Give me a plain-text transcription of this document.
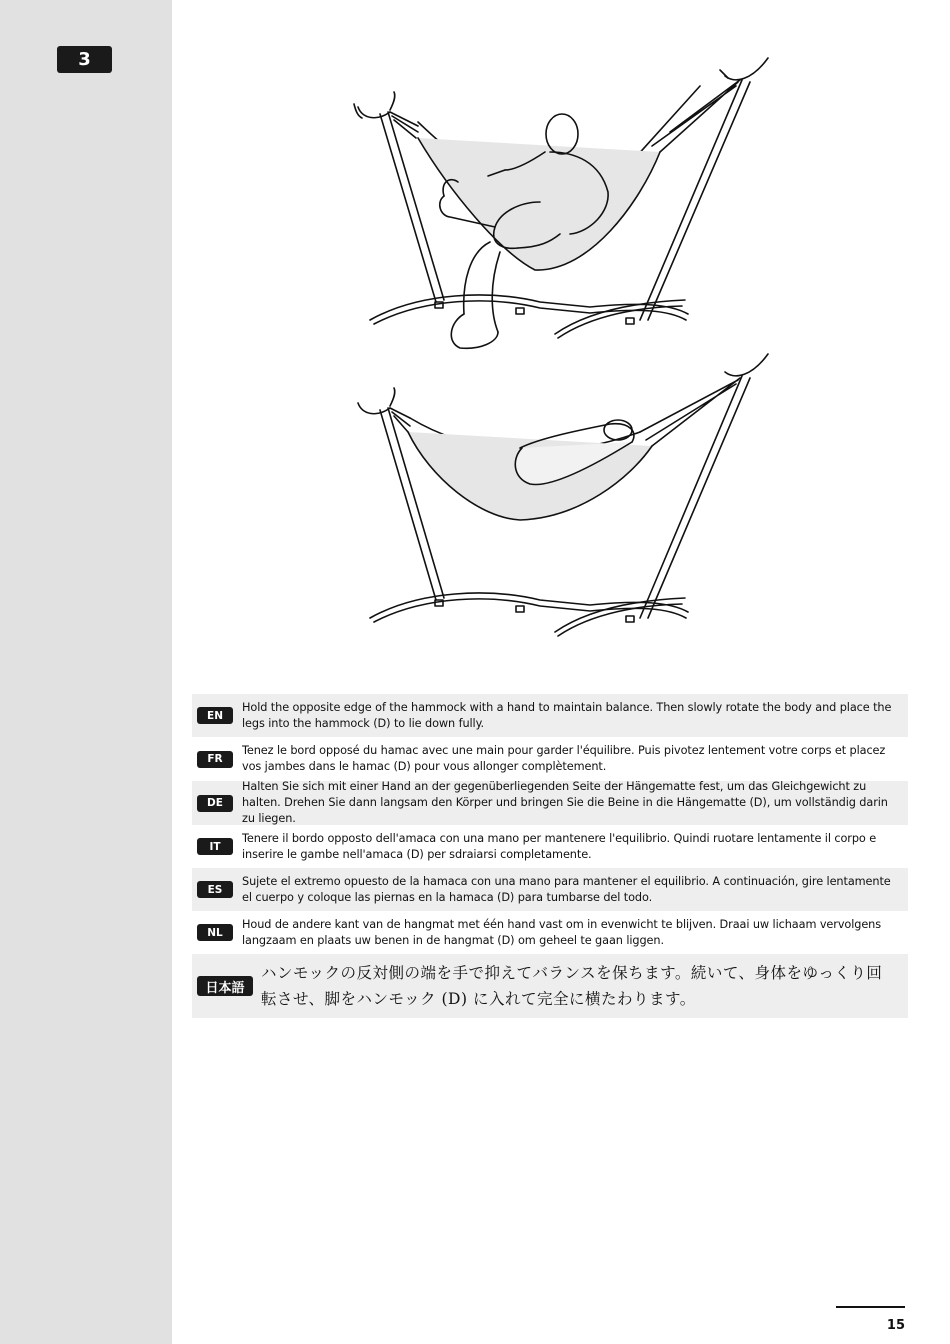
3
EN
Hold the opposite edge of the hammock with a hand to maintain balance. Then slowly rotate the body and place the legs into the hammock (D) to lie down fully.
FR
Tenez le bord opposé du hamac avec une main pour garder l'équilibre. Puis pivotez lentement votre corps et placez vos jambes dans le hamac (D) pour vous allonger complètement.
DE
Halten Sie sich mit einer Hand an der gegenüberliegenden Seite der Hängematte fest, um das Gleichgewicht zu halten. Drehen Sie dann langsam den Körper und bringen Sie die Beine in die Hängematte (D), um vollständig darin zu liegen.
IT
Tenere il bordo opposto dell'amaca con una mano per mantenere l'equilibrio. Quindi ruotare lentamente il corpo e inserire le gambe nell'amaca (D) per sdraiarsi completamente.
ES
Sujete el extremo opuesto de la hamaca con una mano para mantener el equilibrio. A continuación, gire lentamente el cuerpo y coloque las piernas en la hamaca (D) para tumbarse del todo.
NL
Houd de andere kant van de hangmat met één hand vast om in evenwicht te blijven. Draai uw lichaam vervolgens langzaam en plaats uw benen in de hangmat (D) om geheel te gaan liggen.
日本語
ハンモックの反対側の端を手で抑えてバランスを保ちます。続いて、身体をゆっくり回転させ、脚をハンモック (D) に入れて完全に横たわります。
15
